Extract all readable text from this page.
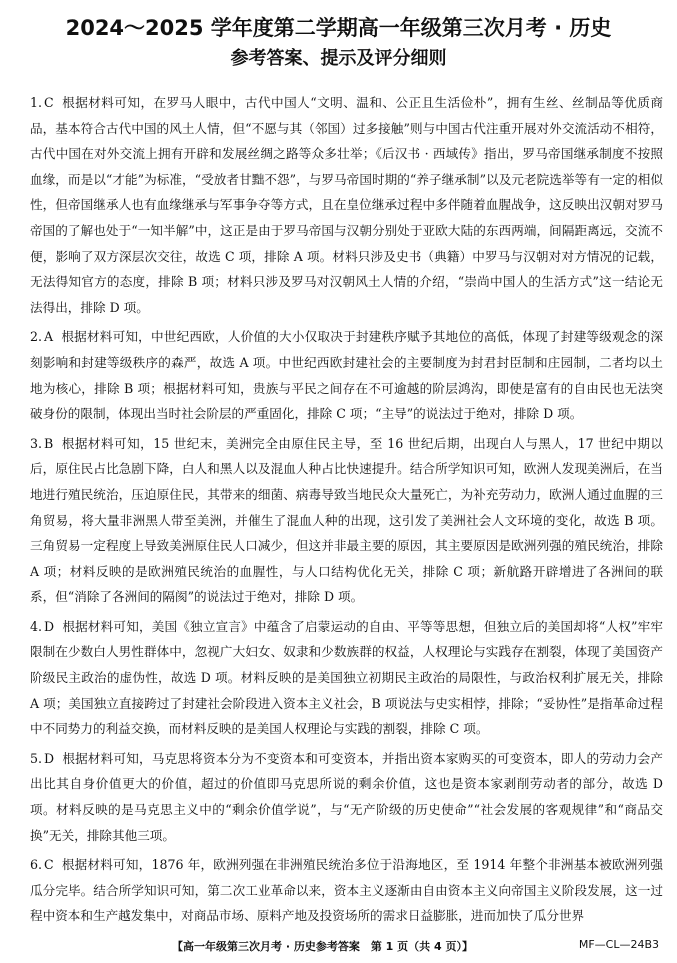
2024～2025 学年度第二学期高一年级第三次月考 · 历史
参考答案、提示及评分细则
1. C 根据材料可知，在罗马人眼中，古代中国人“文明、温和、公正且生活俭朴”，拥有生丝、丝制品等优质商品，基本符合古代中国的风土人情，但“不愿与其（邻国）过多接触”则与中国古代注重开展对外交流活动不相符，古代中国在对外交流上拥有开辟和发展丝绸之路等众多壮举；《后汉书 · 西域传》指出，罗马帝国继承制度不按照血缘，而是以“才能”为标准，“受放者甘黜不怨”，与罗马帝国时期的“养子继承制”以及元老院选举等有一定的相似性，但帝国继承人也有血缘继承与军事争夺等方式，且在皇位继承过程中多伴随着血腥战争，这反映出汉朝对罗马帝国的了解也处于“一知半解”中，这正是由于罗马帝国与汉朝分别处于亚欧大陆的东西两端，间隔距离远，交流不便，影响了双方深层次交往，故选 C 项，排除 A 项。材料只涉及史书（典籍）中罗马与汉朝对对方情况的记载，无法得知官方的态度，排除 B 项；材料只涉及罗马对汉朝风土人情的介绍，“崇尚中国人的生活方式”这一结论无法得出，排除 D 项。
2. A 根据材料可知，中世纪西欧，人价值的大小仅取决于封建秩序赋予其地位的高低，体现了封建等级观念的深刻影响和封建等级秩序的森严，故选 A 项。中世纪西欧封建社会的主要制度为封君封臣制和庄园制，二者均以土地为核心，排除 B 项；根据材料可知，贵族与平民之间存在不可逾越的阶层鸿沟，即使是富有的自由民也无法突破身份的限制，体现出当时社会阶层的严重固化，排除 C 项；“主导”的说法过于绝对，排除 D 项。
3. B 根据材料可知，15 世纪末，美洲完全由原住民主导，至 16 世纪后期，出现白人与黑人，17 世纪中期以后，原住民占比急剧下降，白人和黑人以及混血人种占比快速提升。结合所学知识可知，欧洲人发现美洲后，在当地进行殖民统治，压迫原住民，其带来的细菌、病毒导致当地民众大量死亡，为补充劳动力，欧洲人通过血腥的三角贸易，将大量非洲黑人带至美洲，并催生了混血人种的出现，这引发了美洲社会人文环境的变化，故选 B 项。三角贸易一定程度上导致美洲原住民人口减少，但这并非最主要的原因，其主要原因是欧洲列强的殖民统治，排除 A 项；材料反映的是欧洲殖民统治的血腥性，与人口结构优化无关，排除 C 项；新航路开辟增进了各洲间的联系，但“消除了各洲间的隔阂”的说法过于绝对，排除 D 项。
4. D 根据材料可知，美国《独立宣言》中蕴含了启蒙运动的自由、平等等思想，但独立后的美国却将“人权”牢牢限制在少数白人男性群体中，忽视广大妇女、奴隶和少数族群的权益，人权理论与实践存在割裂，体现了美国资产阶级民主政治的虚伪性，故选 D 项。材料反映的是美国独立初期民主政治的局限性，与政治权利扩展无关，排除 A 项；美国独立直接跨过了封建社会阶段进入资本主义社会，B 项说法与史实相悖，排除；“妥协性”是指革命过程中不同势力的利益交换，而材料反映的是美国人权理论与实践的割裂，排除 C 项。
5. D 根据材料可知，马克思将资本分为不变资本和可变资本，并指出资本家购买的可变资本，即人的劳动力会产出比其自身价值更大的价值，超过的价值即马克思所说的剩余价值，这也是资本家剥削劳动者的部分，故选 D 项。材料反映的是马克思主义中的“剩余价值学说”，与“无产阶级的历史使命”“社会发展的客观规律”和“商品交换”无关，排除其他三项。
6. C 根据材料可知，1876 年，欧洲列强在非洲殖民统治多位于沿海地区，至 1914 年整个非洲基本被欧洲列强瓜分完毕。结合所学知识可知，第二次工业革命以来，资本主义逐渐由自由资本主义向帝国主义阶段发展，这一过程中资本和生产越发集中，对商品市场、原料产地及投资场所的需求日益膨胀，进而加快了瓜分世界
【高一年级第三次月考 · 历史参考答案　第 1 页（共 4 页）】	MF—CL—24B3
